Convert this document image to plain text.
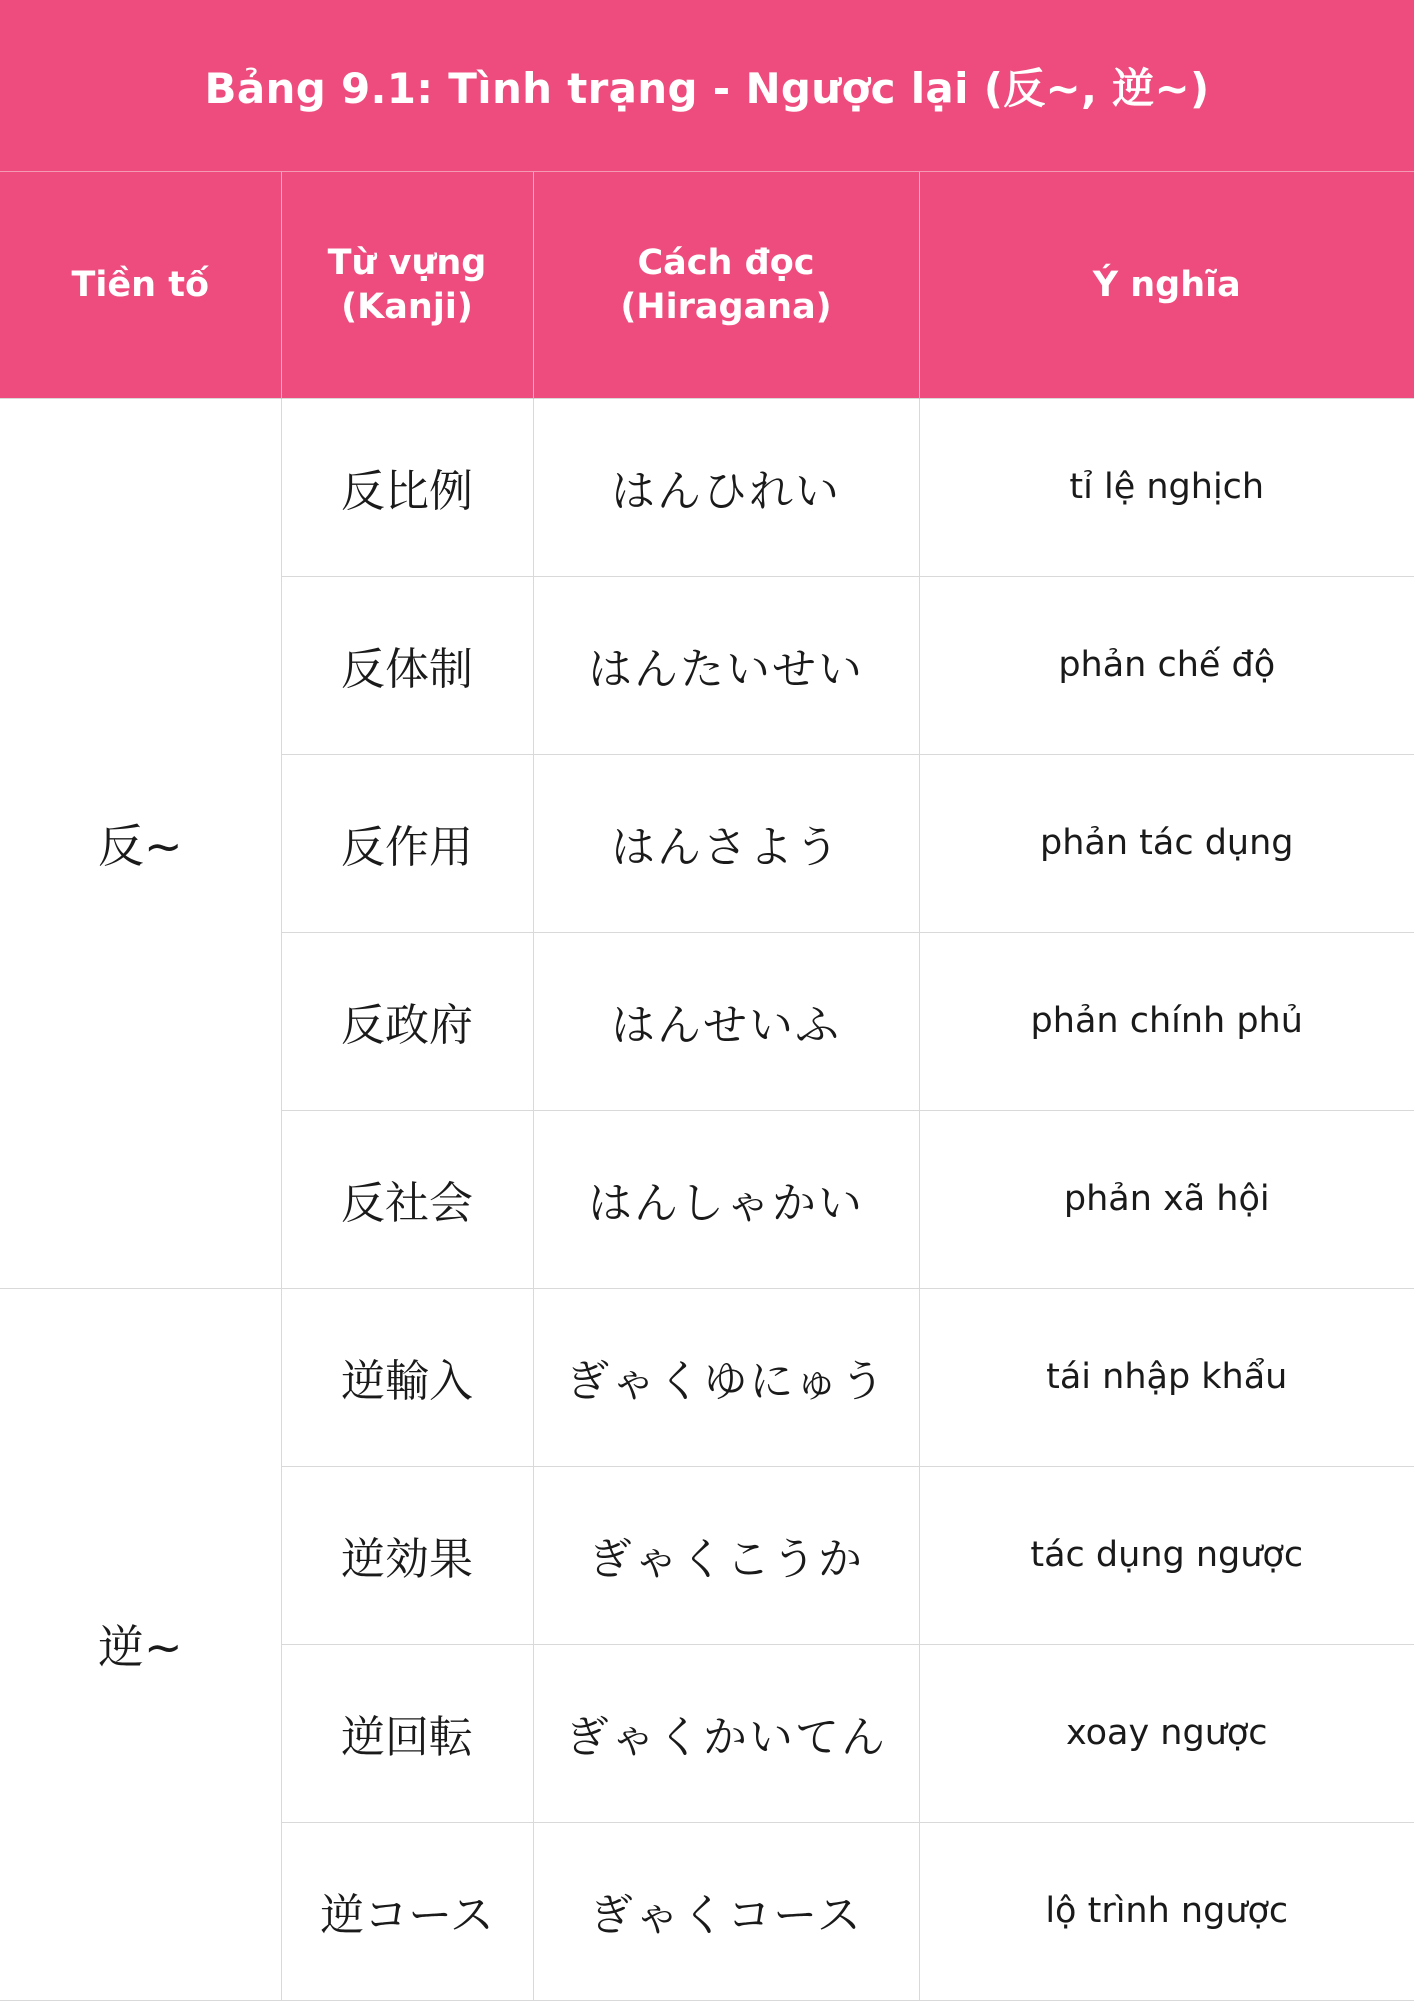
Bảng 9.1: Tình trạng - Ngược lại (反~, 逆~)
Tiền tố	Từ vựng (Kanji)	Cách đọc (Hiragana)	Ý nghĩa
反~	反比例	はんひれい	tỉ lệ nghịch
	反体制	はんたいせい	phản chế độ
	反作用	はんさよう	phản tác dụng
	反政府	はんせいふ	phản chính phủ
	反社会	はんしゃかい	phản xã hội
逆~	逆輸入	ぎゃくゆにゅう	tái nhập khẩu
	逆効果	ぎゃくこうか	tác dụng ngược
	逆回転	ぎゃくかいてん	xoay ngược
	逆コース	ぎゃくコース	lộ trình ngược
